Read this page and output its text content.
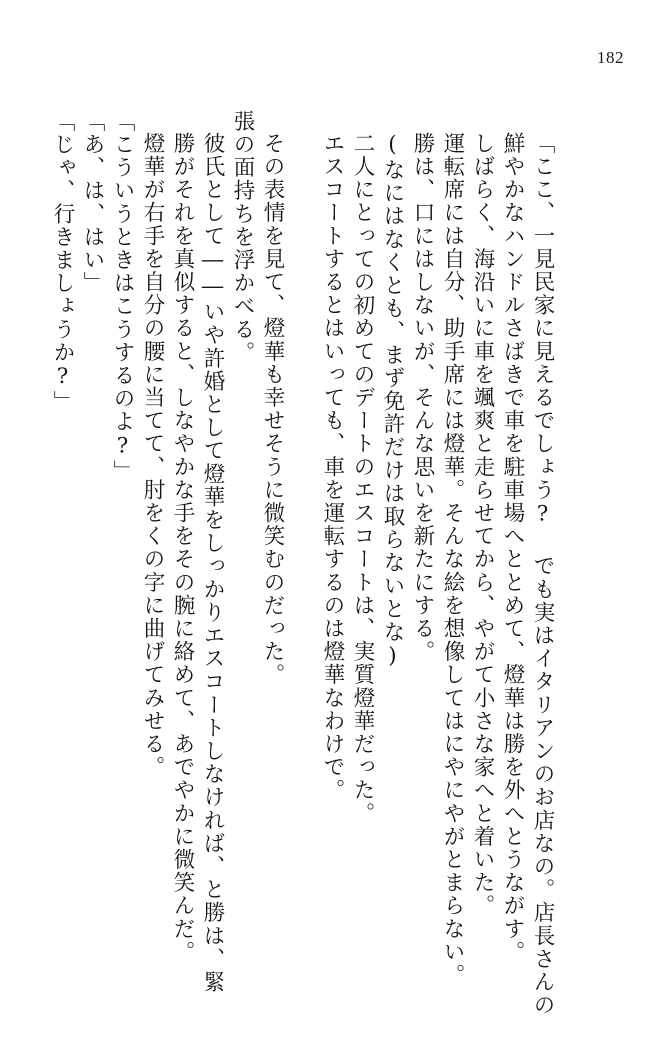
182
「じゃ、行きましょうか?」 「あ、は、はい」 「こういうときはこうするのよ?」 燈華が右手を自分の腰に当てて、肘をくの字に曲げてみせる。 勝がそれを真似すると、しなやかな手をその腕に絡めて、あでやかに微笑んだ。 彼氏として――いや許婚として燈華をしっかりエスコートしなければ、と勝は、緊 張の面持ちを浮かべる。 その表情を見て、燈華も幸せそうに微笑むのだった。	エスコートするとはいっても、車を運転するのは燈華なわけで。 二人にとっての初めてのデートのエスコートは、実質燈華だった。 (なにはなくとも、まず免許だけは取らないとな) 勝は、口にはしないが、そんな思いを新たにする。 運転席には自分、助手席には燈華。そんな絵を想像してはにやにやがとまらない。 しばらく、海沿いに車を颯爽と走らせてから、やがて小さな家へと着いた。 鮮やかなハンドルさばきで車を駐車場へととめて、燈華は勝を外へとうながす。 「ここ、一見民家に見えるでしょう? でも実はイタリアンのお店なの。店長さんの
